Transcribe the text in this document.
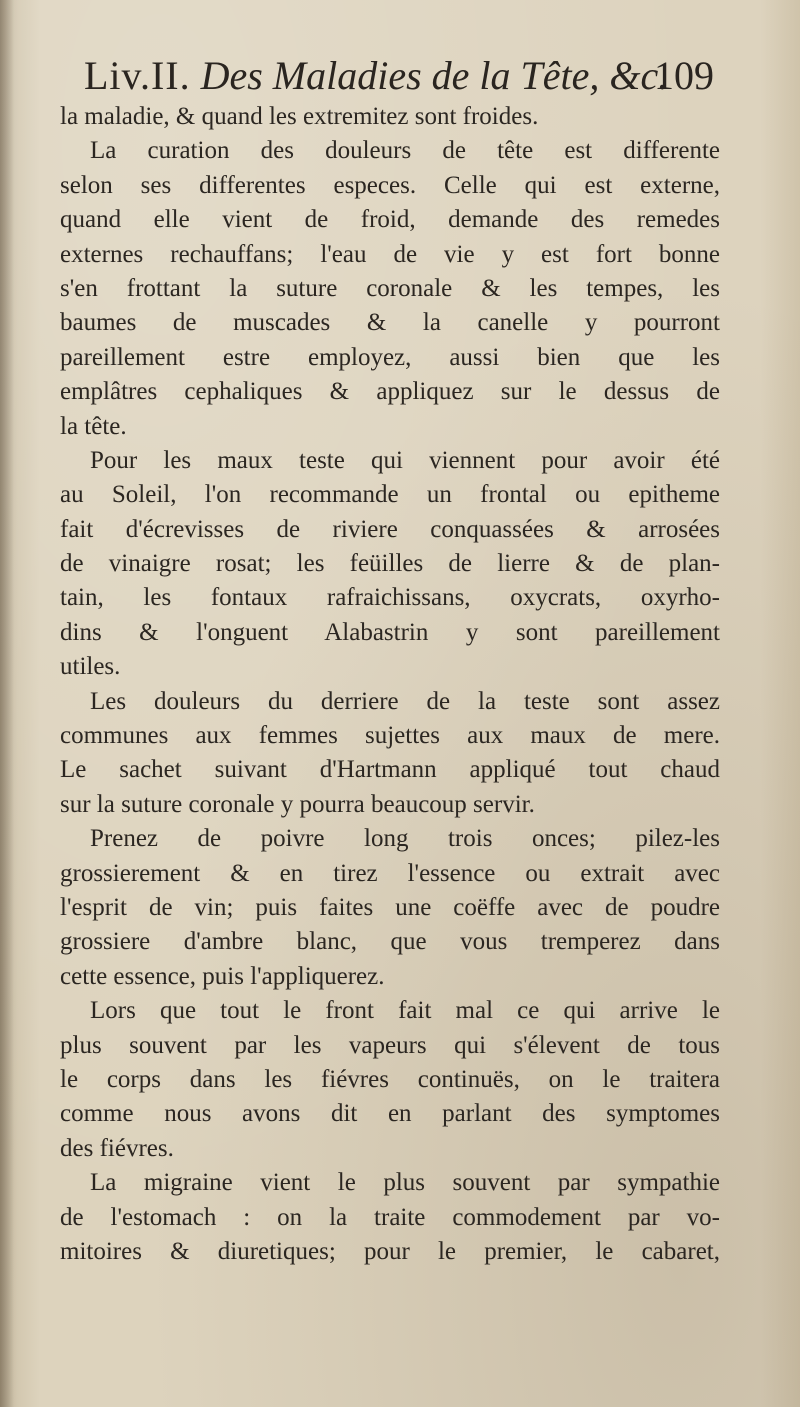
Liv.II. Des Maladies de la Tête, &c.
109
la maladie, & quand les extremitez sont froides.
La curation des douleurs de tête est differente
selon ses differentes especes. Celle qui est externe,
quand elle vient de froid, demande des remedes
externes rechauffans; l'eau de vie y est fort bonne
s'en frottant la suture coronale & les tempes, les
baumes de muscades & la canelle y pourront
pareillement estre employez, aussi bien que les
emplâtres cephaliques & appliquez sur le dessus de
la tête.
Pour les maux teste qui viennent pour avoir été
au Soleil, l'on recommande un frontal ou epitheme
fait d'écrevisses de riviere conquassées & arrosées
de vinaigre rosat; les feüilles de lierre & de plan-
tain, les fontaux rafraichissans, oxycrats, oxyrho-
dins & l'onguent Alabastrin y sont pareillement
utiles.
Les douleurs du derriere de la teste sont assez
communes aux femmes sujettes aux maux de mere.
Le sachet suivant d'Hartmann appliqué tout chaud
sur la suture coronale y pourra beaucoup servir.
Prenez de poivre long trois onces; pilez-les
grossierement & en tirez l'essence ou extrait avec
l'esprit de vin; puis faites une coëffe avec de poudre
grossiere d'ambre blanc, que vous tremperez dans
cette essence, puis l'appliquerez.
Lors que tout le front fait mal ce qui arrive le
plus souvent par les vapeurs qui s'élevent de tous
le corps dans les fiévres continuës, on le traitera
comme nous avons dit en parlant des symptomes
des fiévres.
La migraine vient le plus souvent par sympathie
de l'estomach : on la traite commodement par vo-
mitoires & diuretiques; pour le premier, le cabaret,
